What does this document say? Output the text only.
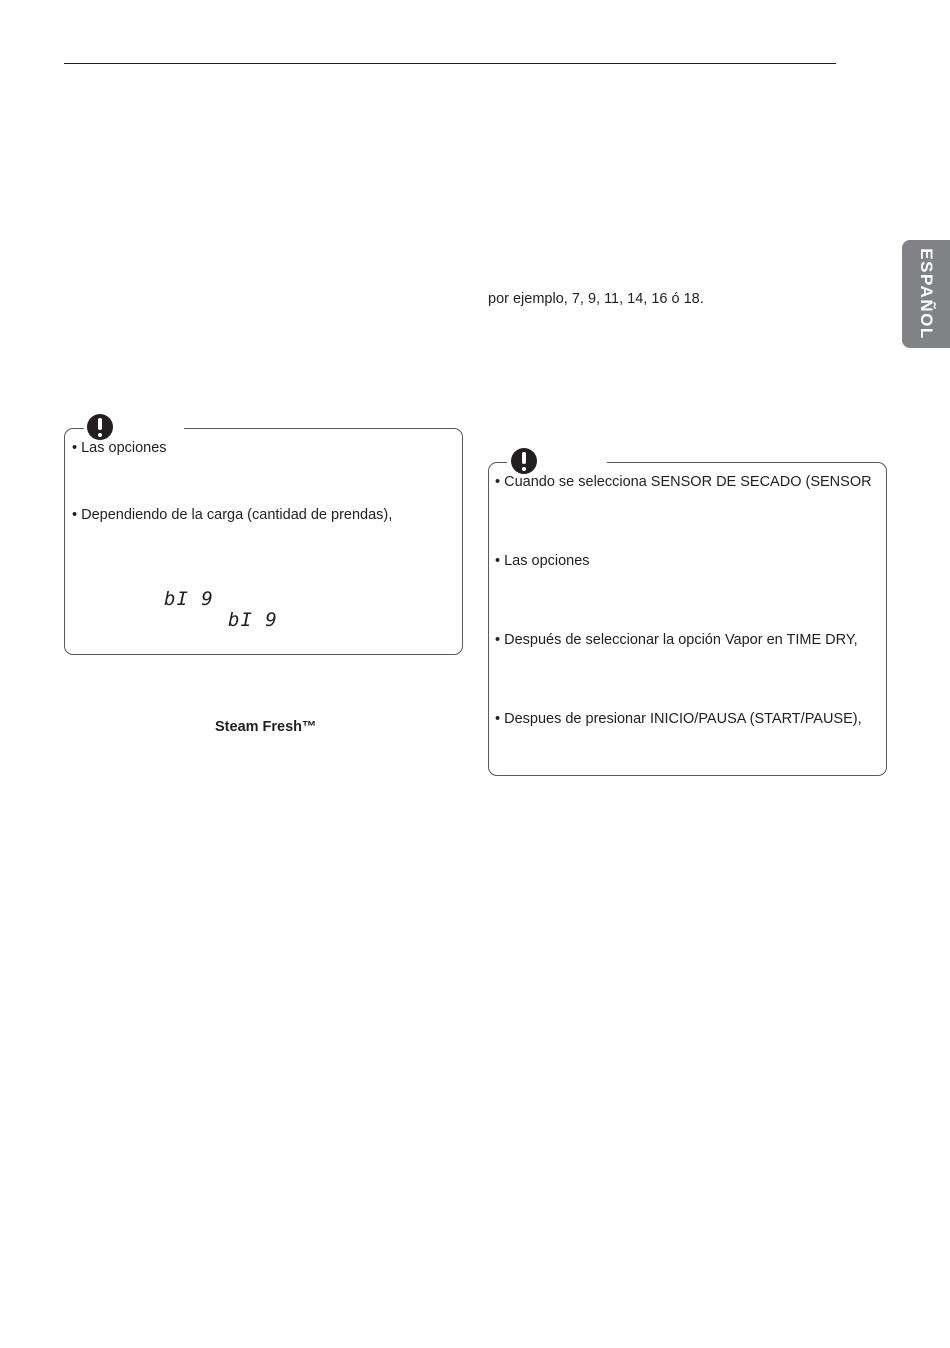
ESPAÑOL
por ejemplo, 7, 9, 11, 14, 16 ó 18.
• Las opciones
• Dependiendo de la carga (cantidad de prendas),
bI 9
bI 9
Steam Fresh™
• Cuando se selecciona SENSOR DE SECADO (SENSOR
• Las opciones
• Después de seleccionar la opción Vapor en TIME DRY,
• Despues de presionar INICIO/PAUSA (START/PAUSE),
